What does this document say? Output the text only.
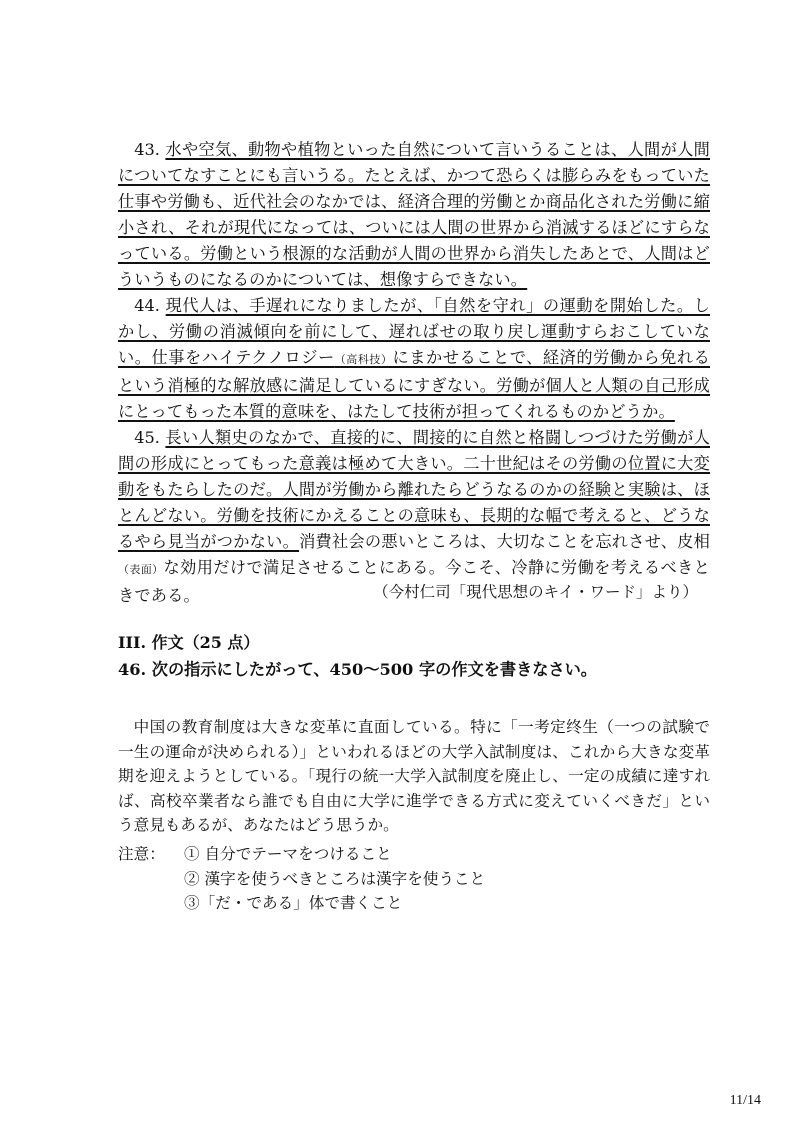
43. 水や空気、動物や植物といった自然について言いうることは、人間が人間についてなすことにも言いうる。たとえば、かつて恐らくは膨らみをもっていた仕事や労働も、近代社会のなかでは、経済合理的労働とか商品化された労働に縮小され、それが現代になっては、ついには人間の世界から消滅するほどにすらなっている。労働という根源的な活動が人間の世界から消失したあとで、人間はどういうものになるのかについては、想像すらできない。

44. 現代人は、手遅れになりましたが、「自然を守れ」の運動を開始した。しかし、労働の消滅傾向を前にして、遅ればせの取り戻し運動すらおこしていない。仕事をハイテクノロジー（高科技）にまかせることで、経済的労働から免れるという消極的な解放感に満足しているにすぎない。労働が個人と人類の自己形成にとってもった本質的意味を、はたして技術が担ってくれるものかどうか。

45. 長い人類史のなかで、直接的に、間接的に自然と格闘しつづけた労働が人間の形成にとってもった意義は極めて大きい。二十世紀はその労働の位置に大変動をもたらしたのだ。人間が労働から離れたらどうなるのかの経験と実験は、ほとんどない。労働を技術にかえることの意味も、長期的な幅で考えると、どうなるやら見当がつかない。消費社会の悪いところは、大切なことを忘れさせ、皮相（表面）な効用だけで満足させることにある。今こそ、冷静に労働を考えるべきときである。	（今村仁司「現代思想のキイ・ワード」より）
III. 作文（25 点）
46. 次の指示にしたがって、450～500 字の作文を書きなさい。

中国の教育制度は大きな変革に直面している。特に「一考定终生（一つの試験で一生の運命が決められる）」といわれるほどの大学入試制度は、これから大きな変革期を迎えようとしている。「現行の統一大学入試制度を廃止し、一定の成績に達すれば、高校卒業者なら誰でも自由に大学に進学できる方式に変えていくべきだ」という意見もあるが、あなたはどう思うか。

注意：	① 自分でテーマをつけること
② 漢字を使うべきところは漢字を使うこと
③「だ・である」体で書くこと
11/14
